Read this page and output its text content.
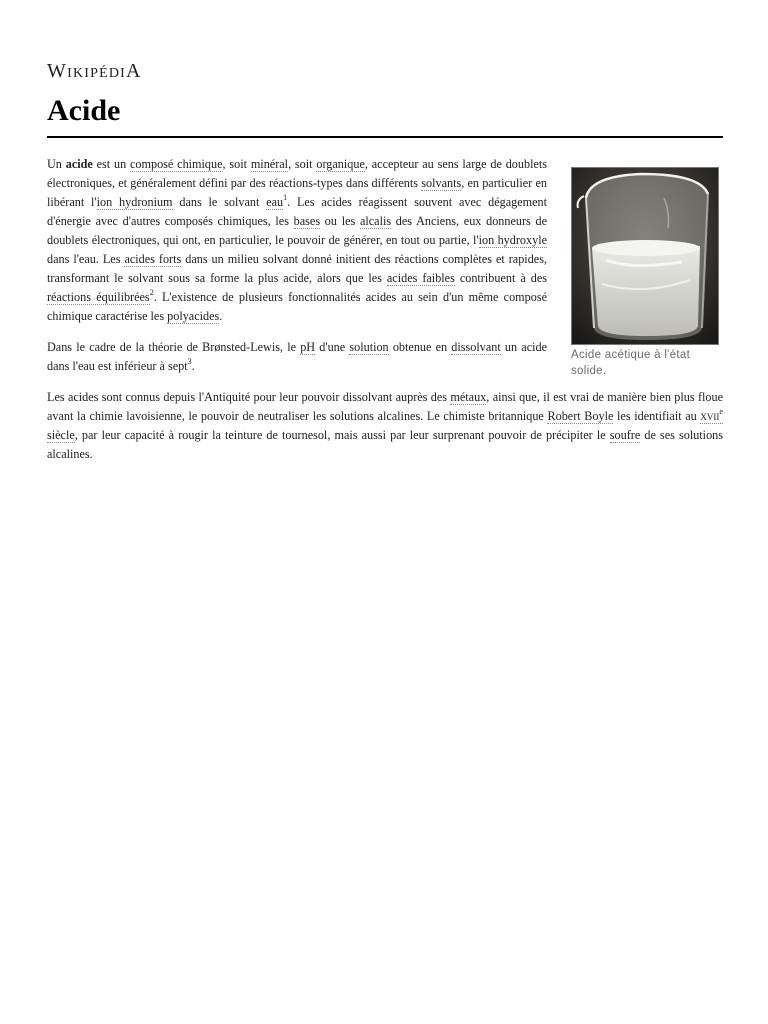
WikipédiA
Acide
Acide acétique à l'état solide.

Un acide est un composé chimique, soit minéral, soit organique, accepteur au sens large de doublets électroniques, et généralement défini par des réactions-types dans différents solvants, en particulier en libérant l'ion hydronium dans le solvant eau$^1$. Les acides réagissent souvent avec dégagement d'énergie avec d'autres composés chimiques, les bases ou les alcalis des Anciens, eux donneurs de doublets électroniques, qui ont, en particulier, le pouvoir de générer, en tout ou partie, l'ion hydroxyle dans l'eau. Les acides forts dans un milieu solvant donné initient des réactions complètes et rapides, transformant le solvant sous sa forme la plus acide, alors que les acides faibles contribuent à des réactions équilibrées$^2$. L'existence de plusieurs fonctionnalités acides au sein d'un même composé chimique caractérise les polyacides.

Dans le cadre de la théorie de Brønsted-Lewis, le pH d'une solution obtenue en dissolvant un acide dans l'eau est inférieur à sept$^3$.

Les acides sont connus depuis l'Antiquité pour leur pouvoir dissolvant auprès des métaux, ainsi que, il est vrai de manière bien plus floue avant la chimie lavoisienne, le pouvoir de neutraliser les solutions alcalines. Le chimiste britannique Robert Boyle les identifiait au xvii$^e$ siècle, par leur capacité à rougir la teinture de tournesol, mais aussi par leur surprenant pouvoir de précipiter le soufre de ses solutions alcalines.
